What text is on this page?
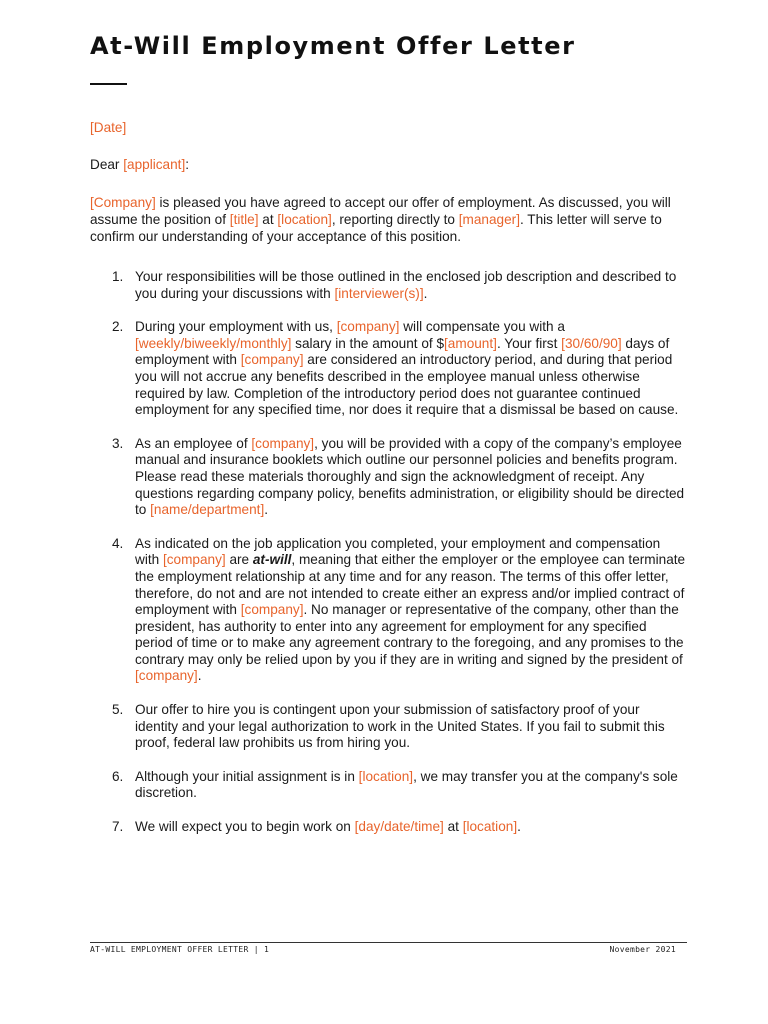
At-Will Employment Offer Letter

[Date]

Dear [applicant]:

[Company] is pleased you have agreed to accept our offer of employment. As discussed, you will assume the position of [title] at [location], reporting directly to [manager]. This letter will serve to confirm our understanding of your acceptance of this position.

1. Your responsibilities will be those outlined in the enclosed job description and described to you during your discussions with [interviewer(s)].
2. During your employment with us, [company] will compensate you with a [weekly/biweekly/monthly] salary in the amount of $[amount]. Your first [30/60/90] days of employment with [company] are considered an introductory period, and during that period you will not accrue any benefits described in the employee manual unless otherwise required by law. Completion of the introductory period does not guarantee continued employment for any specified time, nor does it require that a dismissal be based on cause.
3. As an employee of [company], you will be provided with a copy of the company’s employee manual and insurance booklets which outline our personnel policies and benefits program. Please read these materials thoroughly and sign the acknowledgment of receipt. Any questions regarding company policy, benefits administration, or eligibility should be directed to [name/department].
4. As indicated on the job application you completed, your employment and compensation with [company] are at-will, meaning that either the employer or the employee can terminate the employment relationship at any time and for any reason. The terms of this offer letter, therefore, do not and are not intended to create either an express and/or implied contract of employment with [company]. No manager or representative of the company, other than the president, has authority to enter into any agreement for employment for any specified period of time or to make any agreement contrary to the foregoing, and any promises to the contrary may only be relied upon by you if they are in writing and signed by the president of [company].
5. Our offer to hire you is contingent upon your submission of satisfactory proof of your identity and your legal authorization to work in the United States. If you fail to submit this proof, federal law prohibits us from hiring you.
6. Although your initial assignment is in [location], we may transfer you at the company's sole discretion.
7. We will expect you to begin work on [day/date/time] at [location].
AT-WILL EMPLOYMENT OFFER LETTER | 1	November 2021
